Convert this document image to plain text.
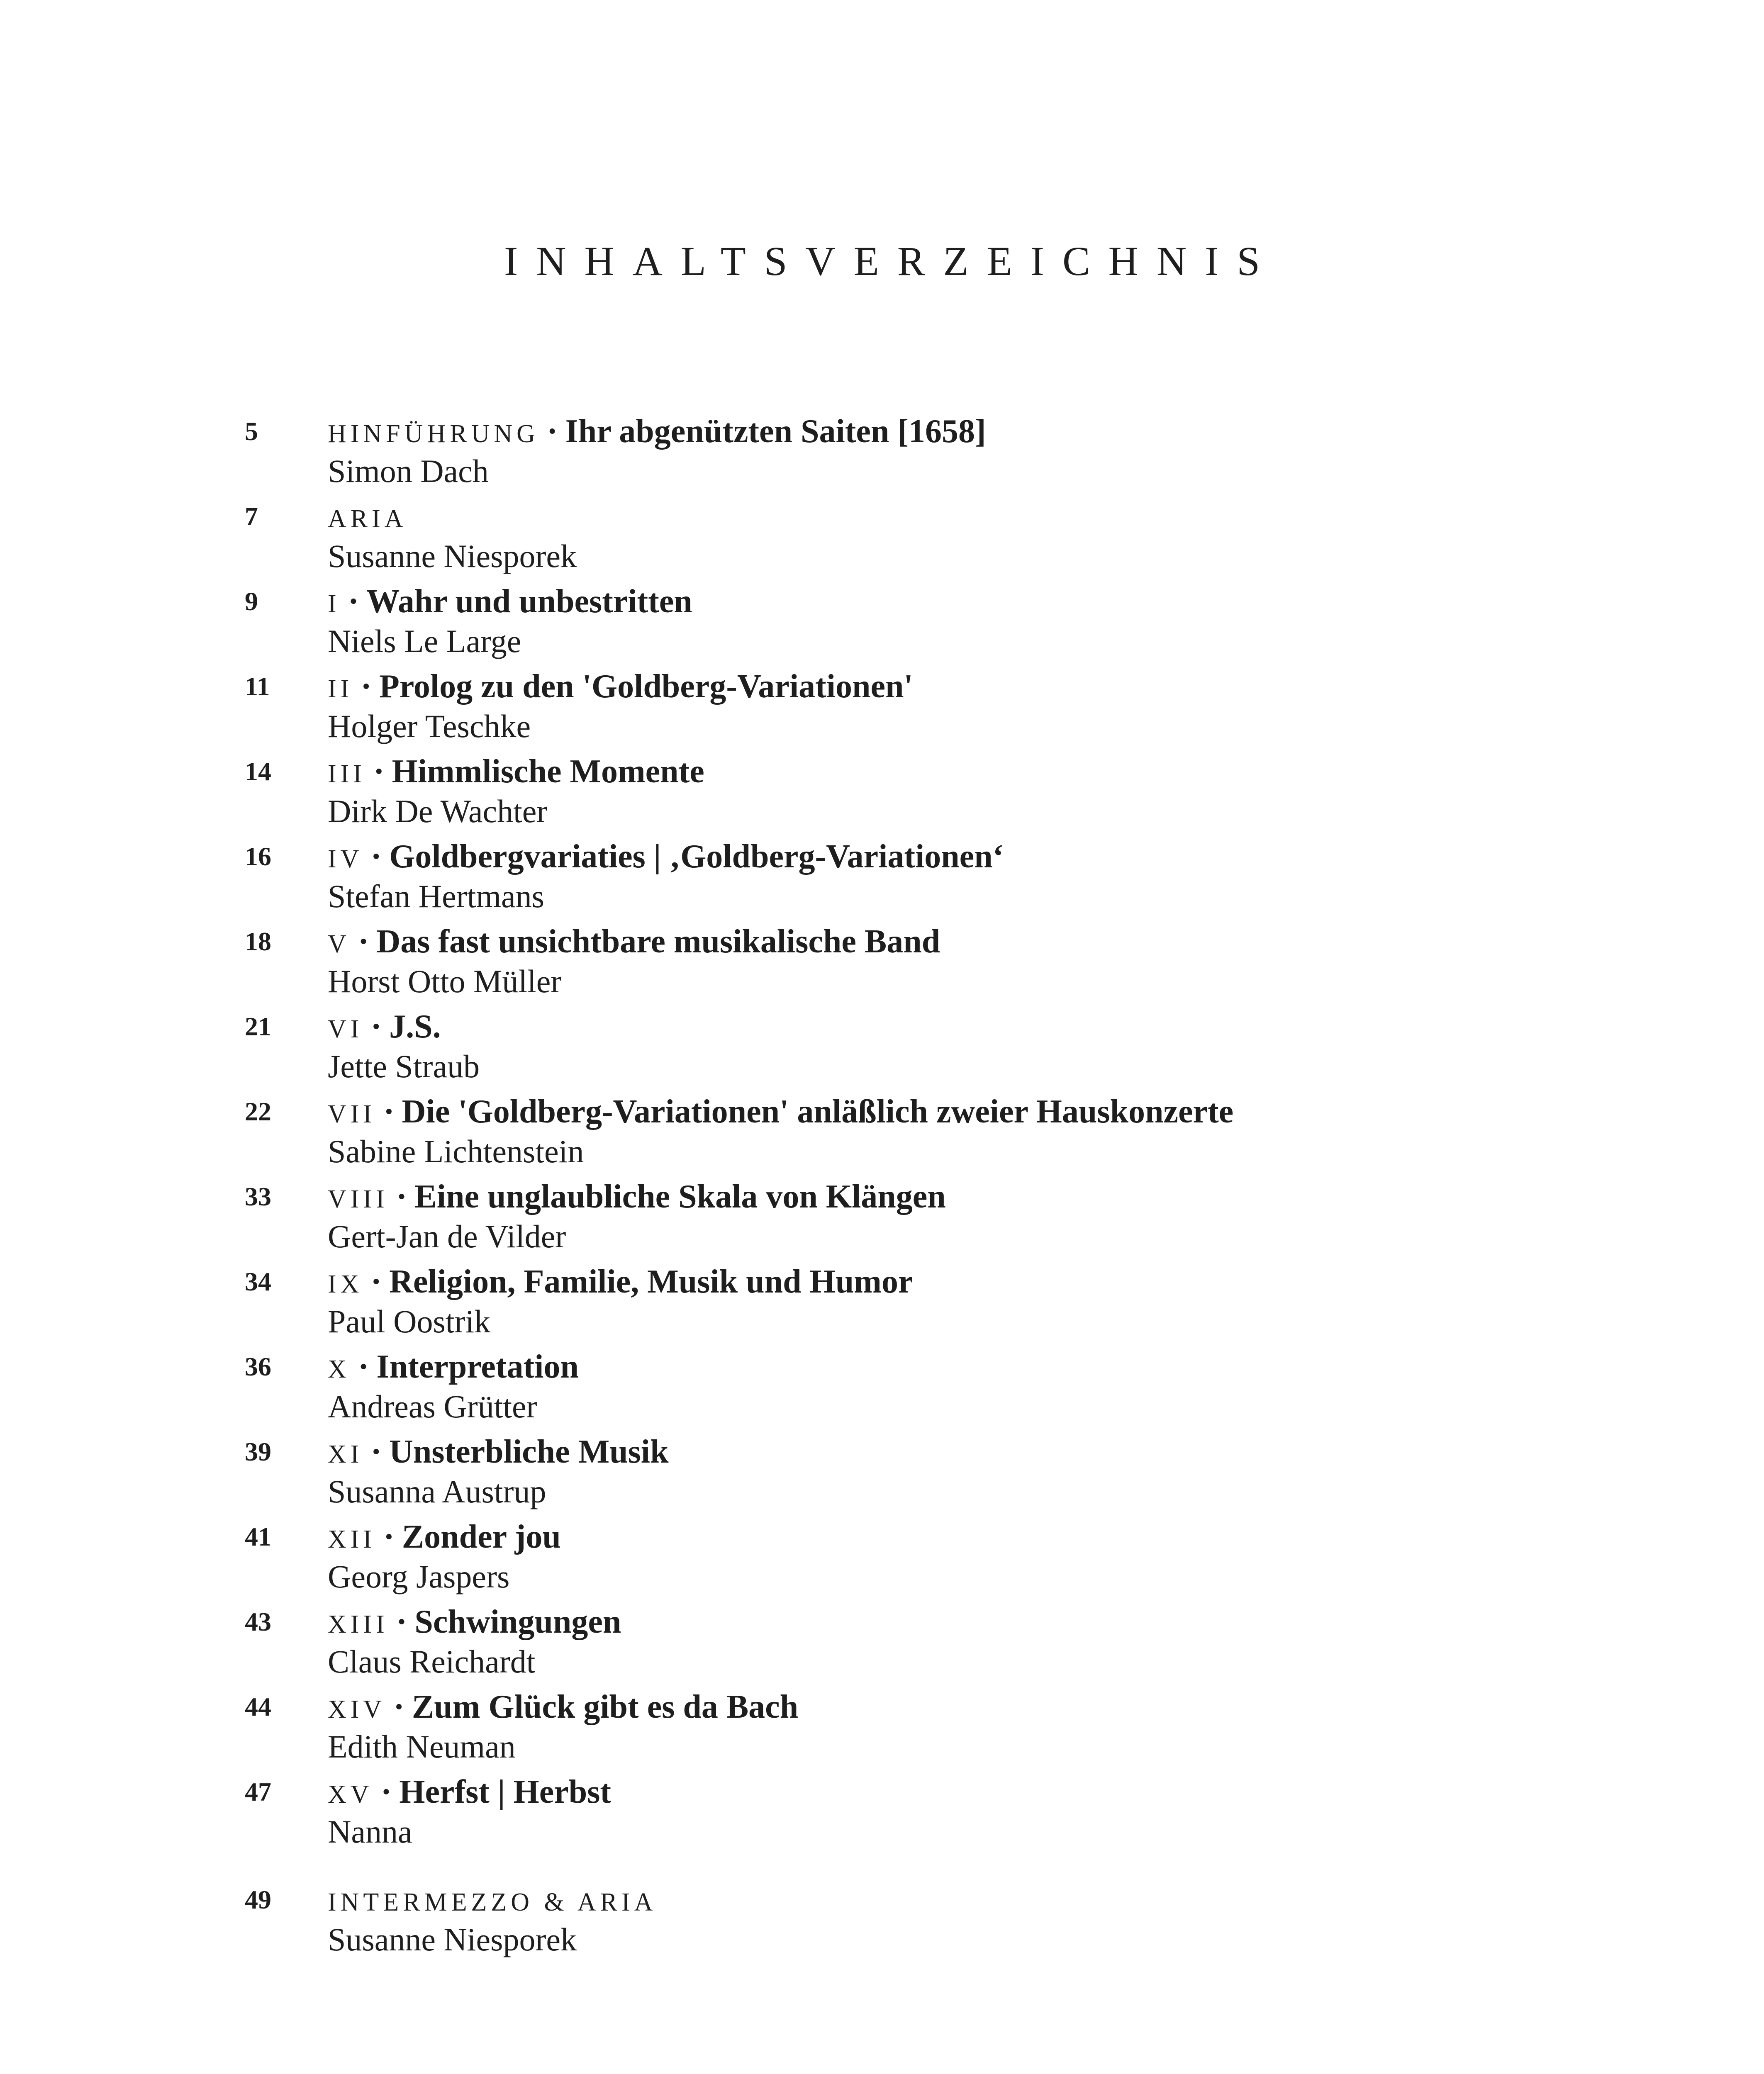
INHALTSVERZEICHNIS
5	HINFÜHRUNG · Ihr abgenützten Saiten [1658]
Simon Dach
7	ARIA
Susanne Niesporek
9	I · Wahr und unbestritten
Niels Le Large
11	II · Prolog zu den 'Goldberg-Variationen'
Holger Teschke
14	III · Himmlische Momente
Dirk De Wachter
16	IV · Goldbergvariaties | ‚Goldberg-Variationen‘
Stefan Hertmans
18	V · Das fast unsichtbare musikalische Band
Horst Otto Müller
21	VI · J.S.
Jette Straub
22	VII · Die 'Goldberg-Variationen' anläßlich zweier Hauskonzerte
Sabine Lichtenstein
33	VIII · Eine unglaubliche Skala von Klängen
Gert-Jan de Vilder
34	IX · Religion, Familie, Musik und Humor
Paul Oostrik
36	X · Interpretation
Andreas Grütter
39	XI · Unsterbliche Musik
Susanna Austrup
41	XII · Zonder jou
Georg Jaspers
43	XIII · Schwingungen
Claus Reichardt
44	XIV · Zum Glück gibt es da Bach
Edith Neuman
47	XV · Herfst | Herbst
Nanna
49	INTERMEZZO & ARIA
Susanne Niesporek
